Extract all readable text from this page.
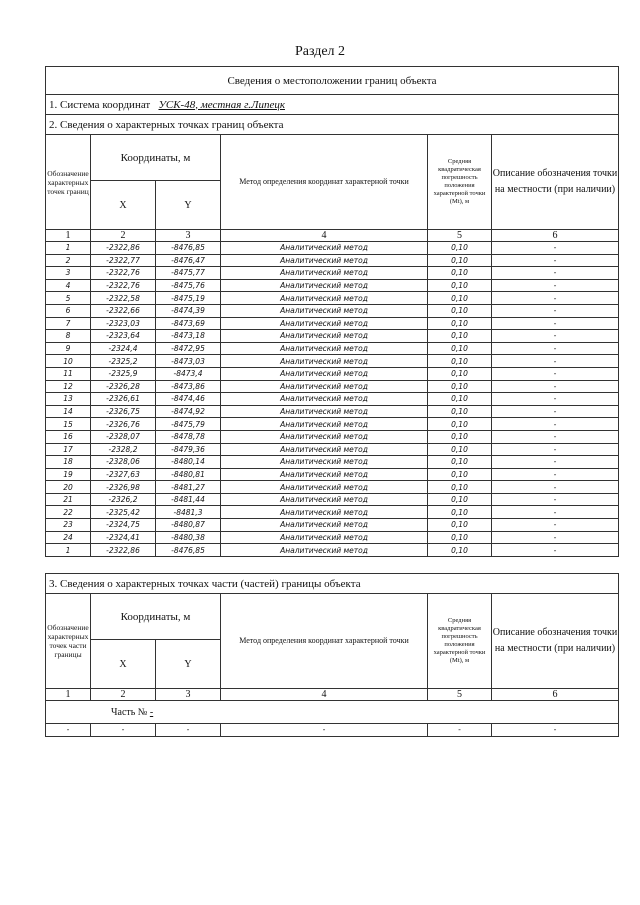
Раздел 2
Сведения о местоположении границ объекта					
1. Система координат УСК-48, местная г.Липецк					
2. Сведения о характерных точках границ объекта					
Обозначение характерных точек границ	Координаты, м		Метод определения координат характерной точки	Средняя квадратическая погрешность положения характерной точки (Mt), м	Описание обозначения точки на местности (при наличии)
	X	Y			
1	2	3	4	5	6
1	-2322,86	-8476,85	Аналитический метод	0,10	-
2	-2322,77	-8476,47	Аналитический метод	0,10	-
3	-2322,76	-8475,77	Аналитический метод	0,10	-
4	-2322,76	-8475,76	Аналитический метод	0,10	-
5	-2322,58	-8475,19	Аналитический метод	0,10	-
6	-2322,66	-8474,39	Аналитический метод	0,10	-
7	-2323,03	-8473,69	Аналитический метод	0,10	-
8	-2323,64	-8473,18	Аналитический метод	0,10	-
9	-2324,4	-8472,95	Аналитический метод	0,10	-
10	-2325,2	-8473,03	Аналитический метод	0,10	-
11	-2325,9	-8473,4	Аналитический метод	0,10	-
12	-2326,28	-8473,86	Аналитический метод	0,10	-
13	-2326,61	-8474,46	Аналитический метод	0,10	-
14	-2326,75	-8474,92	Аналитический метод	0,10	-
15	-2326,76	-8475,79	Аналитический метод	0,10	-
16	-2328,07	-8478,78	Аналитический метод	0,10	-
17	-2328,2	-8479,36	Аналитический метод	0,10	-
18	-2328,06	-8480,14	Аналитический метод	0,10	-
19	-2327,63	-8480,81	Аналитический метод	0,10	-
20	-2326,98	-8481,27	Аналитический метод	0,10	-
21	-2326,2	-8481,44	Аналитический метод	0,10	-
22	-2325,42	-8481,3	Аналитический метод	0,10	-
23	-2324,75	-8480,87	Аналитический метод	0,10	-
24	-2324,41	-8480,38	Аналитический метод	0,10	-
1	-2322,86	-8476,85	Аналитический метод	0,10	-
3. Сведения о характерных точках части (частей) границы объекта					
Обозначение характерных точек части границы	Координаты, м		Метод определения координат характерной точки	Средняя квадратическая погрешность положения характерной точки (Mt), м	Описание обозначения точки на местности (при наличии)
	X	Y			
1	2	3	4	5	6
Часть № -					
-	-	-	-	-	-
